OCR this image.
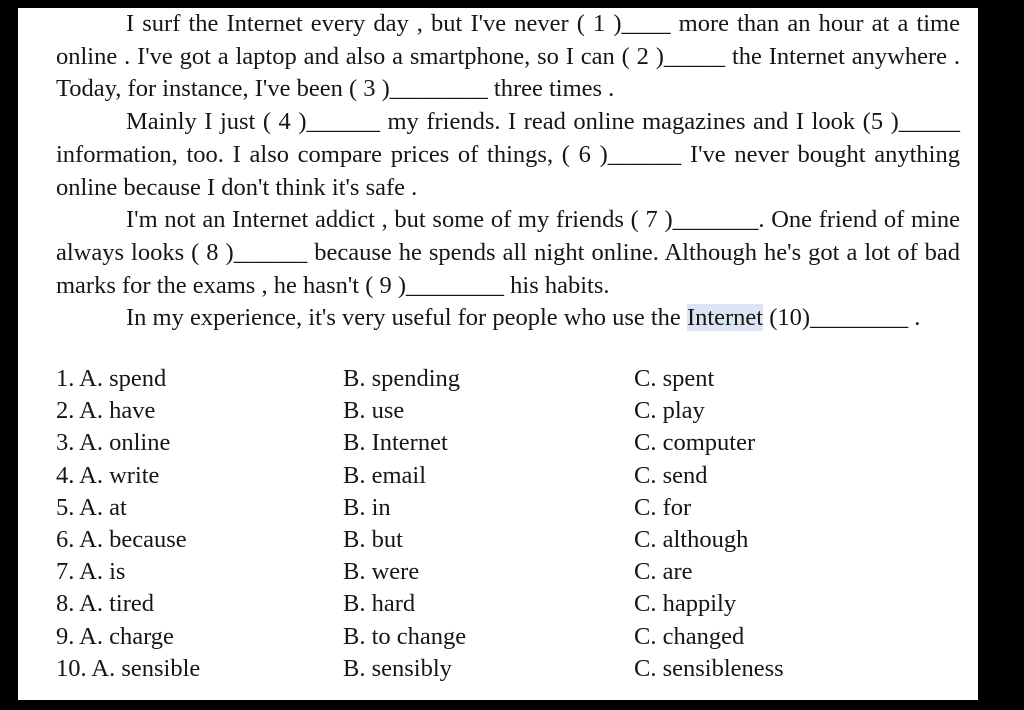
I surf the Internet every day , but I've never ( 1 )____ more than an hour at a time online . I've got a laptop and also a smartphone, so I can ( 2 )_____ the Internet anywhere . Today, for instance, I've been ( 3 )________ three times .

Mainly I just ( 4 )______ my friends. I read online magazines and I look (5 )_____ information, too. I also compare prices of things, ( 6 )______ I've never bought anything online because I don't think it's safe .

I'm not an Internet addict , but some of my friends ( 7 )_______. One friend of mine always looks ( 8 )______ because he spends all night online. Although he's got a lot of bad marks for the exams , he hasn't ( 9 )________ his habits.

In my experience, it's very useful for people who use the Internet (10)________ .

1. A. spend	B. spending	C. spent
2. A. have	B. use	C. play
3. A. online	B. Internet	C. computer
4. A. write	B. email	C. send
5. A. at	B. in	C. for
6. A. because	B. but	C. although
7. A. is	B. were	C. are
8. A. tired	B. hard	C. happily
9. A. charge	B. to change	C. changed
10. A. sensible	B. sensibly	C. sensibleness
